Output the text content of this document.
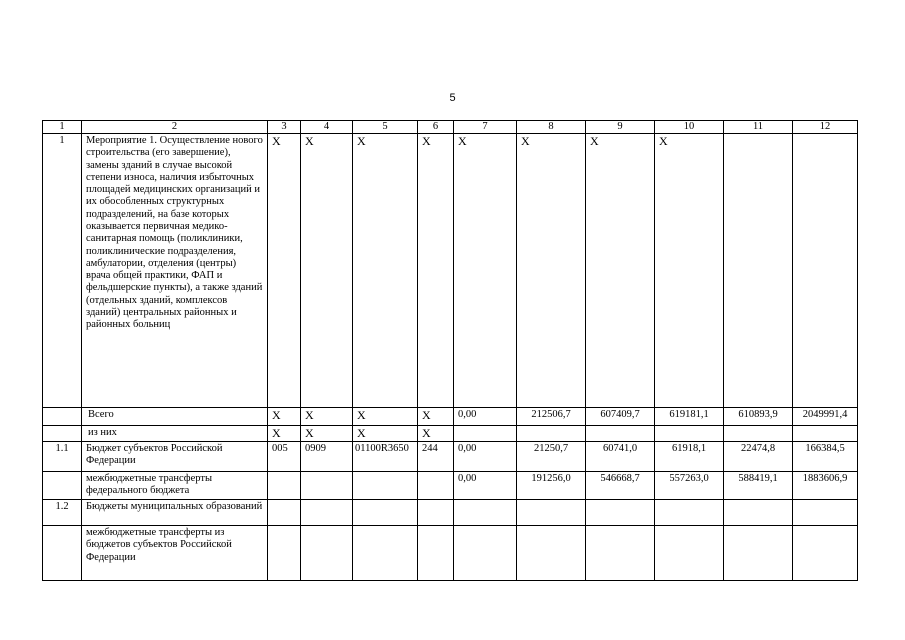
5
1	2	3	4	5	6	7	8	9	10	11	12
1	Мероприятие 1. Осуществление нового строительства (его завершение), замены зданий в случае высокой степени износа, наличия избыточных площадей медицинских организаций и их обособленных структурных подразделений, на базе которых оказывается первичная медико-санитарная помощь (поликлиники, поликлинические подразделения, амбулатории, отделения (центры) врача общей практики, ФАП и фельдшерские пункты), а также зданий (отдельных зданий, комплексов зданий) центральных районных и районных больниц	X	X	X	X	X	X	X	X		
	Всего	X	X	X	X	0,00	212506,7	607409,7	619181,1	610893,9	2049991,4
	из них	X	X	X	X						
1.1	Бюджет субъектов Российской Федерации	005	0909	01100R3650	244	0,00	21250,7	60741,0	61918,1	22474,8	166384,5
	межбюджетные трансферты федерального бюджета					0,00	191256,0	546668,7	557263,0	588419,1	1883606,9
1.2	Бюджеты муниципальных образований										
	межбюджетные трансферты из бюджетов субъектов Российской Федерации										
